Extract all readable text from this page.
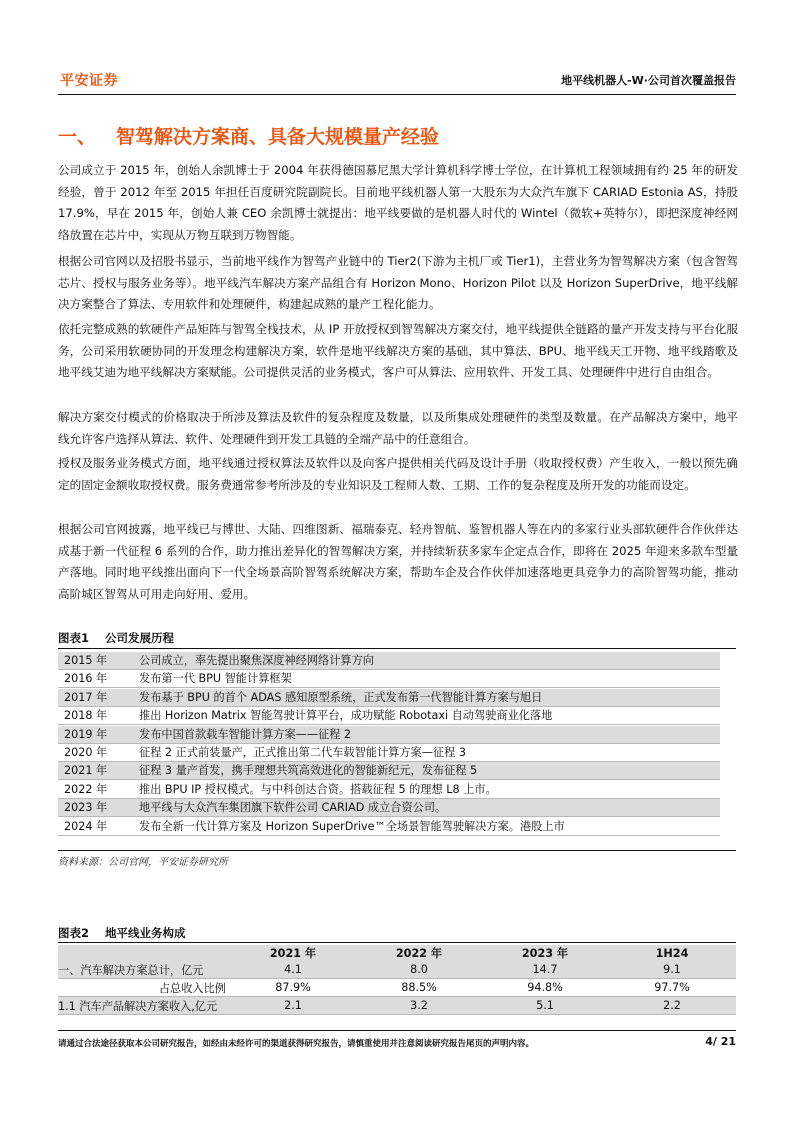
平安证券	地平线机器人-W·公司首次覆盖报告
一、   智驾解决方案商、具备大规模量产经验

公司成立于 2015 年，创始人余凯博士于 2004 年获得德国慕尼黑大学计算机科学博士学位，在计算机工程领域拥有约 25 年的研发经验，曾于 2012 年至 2015 年担任百度研究院副院长。目前地平线机器人第一大股东为大众汽车旗下 CARIAD Estonia AS，持股 17.9%，早在 2015 年，创始人兼 CEO 余凯博士就提出：地平线要做的是机器人时代的 Wintel（微软+英特尔），即把深度神经网络放置在芯片中，实现从万物互联到万物智能。

根据公司官网以及招股书显示，当前地平线作为智驾产业链中的 Tier2(下游为主机厂或 Tier1)，主营业务为智驾解决方案（包含智驾芯片、授权与服务业务等）。地平线汽车解决方案产品组合有 Horizon Mono、Horizon Pilot 以及 Horizon SuperDrive，地平线解决方案整合了算法、专用软件和处理硬件，构建起成熟的量产工程化能力。

依托完整成熟的软硬件产品矩阵与智驾全栈技术，从 IP 开放授权到智驾解决方案交付，地平线提供全链路的量产开发支持与平台化服务，公司采用软硬协同的开发理念构建解决方案，软件是地平线解决方案的基础，其中算法、BPU、地平线天工开物、地平线踏歌及地平线艾迪为地平线解决方案赋能。公司提供灵活的业务模式，客户可从算法、应用软件、开发工具、处理硬件中进行自由组合。

解决方案交付模式的价格取决于所涉及算法及软件的复杂程度及数量，以及所集成处理硬件的类型及数量。在产品解决方案中，地平线允许客户选择从算法、软件、处理硬件到开发工具链的全端产品中的任意组合。

授权及服务业务模式方面，地平线通过授权算法及软件以及向客户提供相关代码及设计手册（收取授权费）产生收入，一般以预先确定的固定金额收取授权费。服务费通常参考所涉及的专业知识及工程师人数、工期、工作的复杂程度及所开发的功能而设定。

根据公司官网披露，地平线已与博世、大陆、四维图新、福瑞泰克、轻舟智航、鉴智机器人等在内的多家行业头部软硬件合作伙伴达成基于新一代征程 6 系列的合作，助力推出差异化的智驾解决方案，并持续斩获多家车企定点合作，即将在 2025 年迎来多款车型量产落地。同时地平线推出面向下一代全场景高阶智驾系统解决方案，帮助车企及合作伙伴加速落地更具竞争力的高阶智驾功能，推动高阶城区智驾从可用走向好用、爱用。

图表1    公司发展历程
2015 年	公司成立，率先提出聚焦深度神经网络计算方向
2016 年	发布第一代 BPU 智能计算框架
2017 年	发布基于 BPU 的首个 ADAS 感知原型系统，正式发布第一代智能计算方案与旭日
2018 年	推出 Horizon Matrix 智能驾驶计算平台，成功赋能 Robotaxi 自动驾驶商业化落地
2019 年	发布中国首款载车智能计算方案——征程 2
2020 年	征程 2 正式前装量产，正式推出第二代车载智能计算方案—征程 3
2021 年	征程 3 量产首发，携手理想共筑高效进化的智能新纪元，发布征程 5
2022 年	推出 BPU IP 授权模式。与中科创达合资。搭载征程 5 的理想 L8 上市。
2023 年	地平线与大众汽车集团旗下软件公司 CARIAD 成立合资公司。
2024 年	发布全新一代计算方案及 Horizon SuperDrive™全场景智能驾驶解决方案。港股上市
资料来源：公司官网，平安证券研究所
图表2    地平线业务构成
	2021 年	2022 年	2023 年	1H24
一、汽车解决方案总计，亿元	4.1	8.0	14.7	9.1
占总收入比例	87.9%	88.5%	94.8%	97.7%
1.1 汽车产品解决方案收入,亿元	2.1	3.2	5.1	2.2
请通过合法途径获取本公司研究报告，如经由未经许可的渠道获得研究报告，请慎重使用并注意阅读研究报告尾页的声明内容。	4/ 21
